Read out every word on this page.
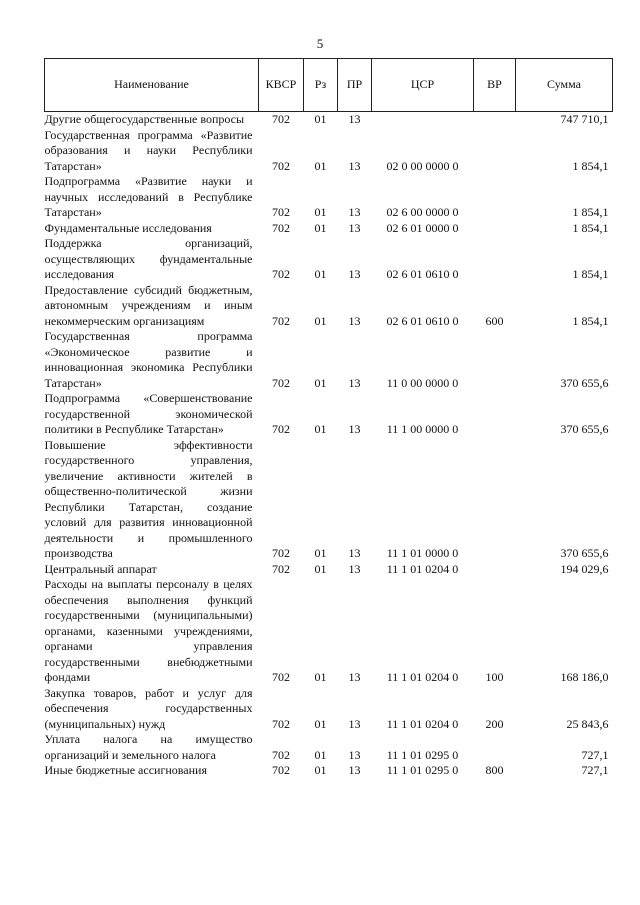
5
Наименование	КВСР	Рз	ПР	ЦСР	ВР	Сумма
Другие общегосударственные вопросы	702	01	13			747 710,1
Государственная программа «Развитие образования и науки Республики Татарстан»	702	01	13	02 0 00 0000 0		1 854,1
Подпрограмма «Развитие науки и научных исследований в Республике Татарстан»	702	01	13	02 6 00 0000 0		1 854,1
Фундаментальные исследования	702	01	13	02 6 01 0000 0		1 854,1
Поддержка организаций, осуществляющих фундаментальные исследования	702	01	13	02 6 01 0610 0		1 854,1
Предоставление субсидий бюджетным, автономным учреждениям и иным некоммерческим организациям	702	01	13	02 6 01 0610 0	600	1 854,1
Государственная программа «Экономическое развитие и инновационная экономика Республики Татарстан»	702	01	13	11 0 00 0000 0		370 655,6
Подпрограмма «Совершенствование государственной экономической политики в Республике Татарстан»	702	01	13	11 1 00 0000 0		370 655,6
Повышение эффективности государственного управления, увеличение активности жителей в общественно-политической жизни Республики Татарстан, создание условий для развития инновационной деятельности и промышленного производства	702	01	13	11 1 01 0000 0		370 655,6
Центральный аппарат	702	01	13	11 1 01 0204 0		194 029,6
Расходы на выплаты персоналу в целях обеспечения выполнения функций государственными (муниципальными) органами, казенными учреждениями, органами управления государственными внебюджетными фондами	702	01	13	11 1 01 0204 0	100	168 186,0
Закупка товаров, работ и услуг для обеспечения государственных (муниципальных) нужд	702	01	13	11 1 01 0204 0	200	25 843,6
Уплата налога на имущество организаций и земельного налога	702	01	13	11 1 01 0295 0		727,1
Иные бюджетные ассигнования	702	01	13	11 1 01 0295 0	800	727,1
